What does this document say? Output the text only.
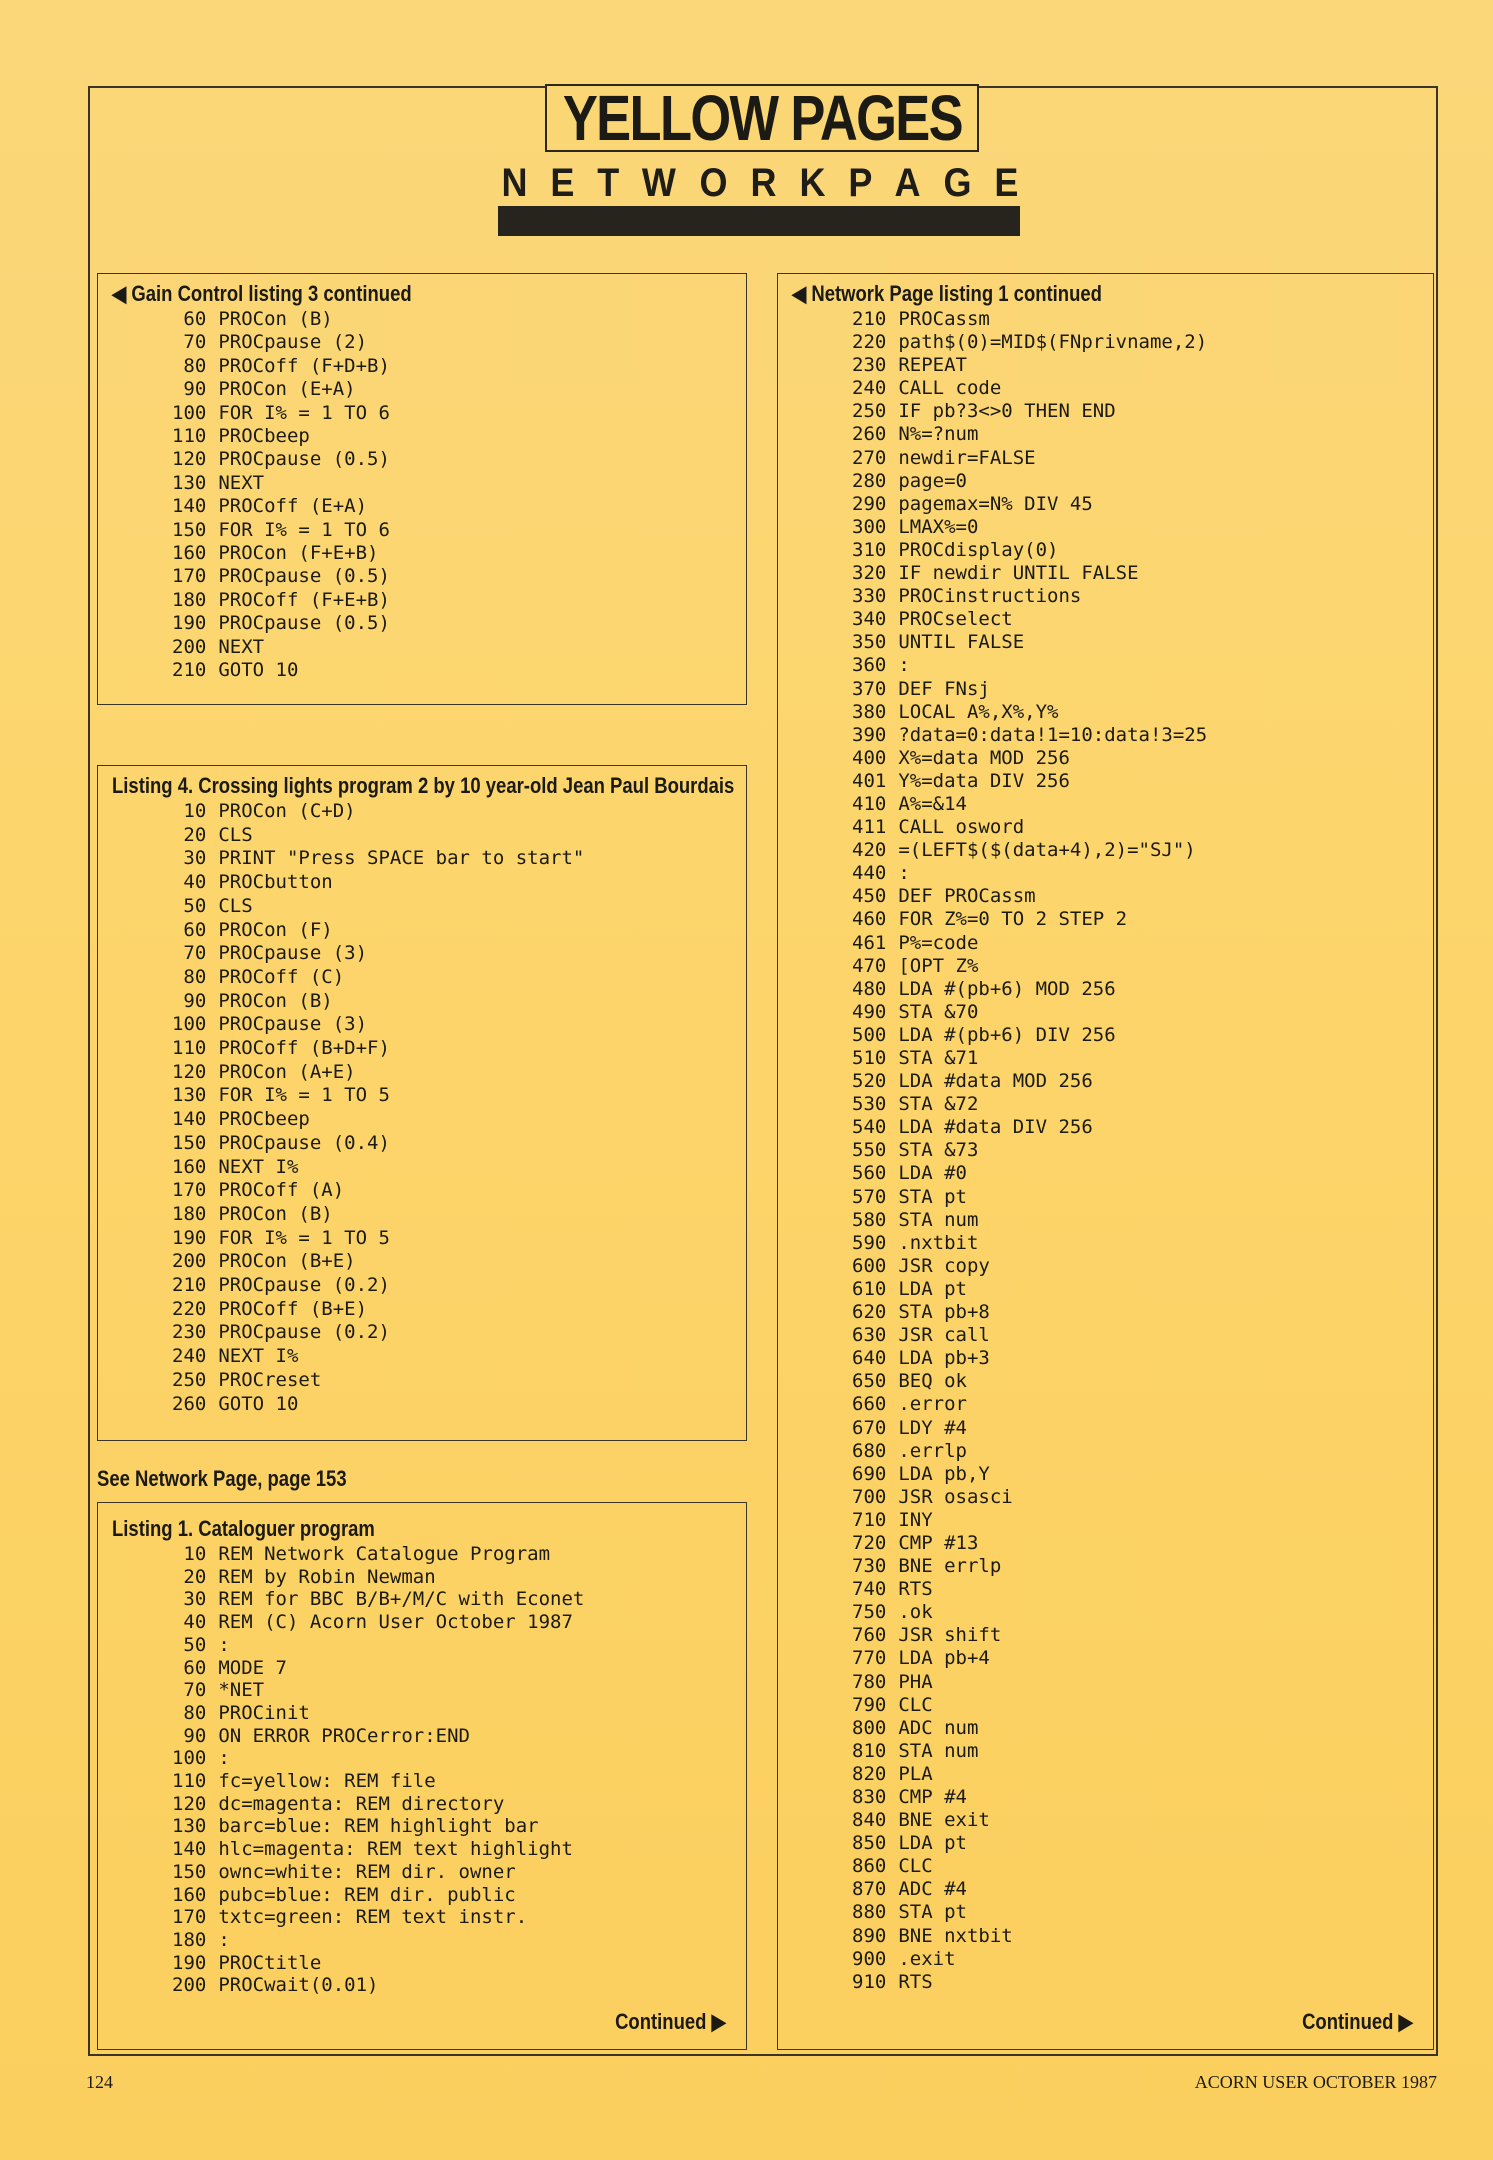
YELLOW PAGES
N E T W O R K P A G E
◀ Gain Control listing 3 continued
60 PROCon (B)
70 PROCpause (2)
80 PROCoff (F+D+B)
90 PROCon (E+A)
100 FOR I% = 1 TO 6
110 PROCbeep
120 PROCpause (0.5)
130 NEXT
140 PROCoff (E+A)
150 FOR I% = 1 TO 6
160 PROCon (F+E+B)
170 PROCpause (0.5)
180 PROCoff (F+E+B)
190 PROCpause (0.5)
200 NEXT
210 GOTO 10
Listing 4. Crossing lights program 2 by 10 year-old Jean Paul Bourdais
10 PROCon (C+D)
20 CLS
30 PRINT "Press SPACE bar to start"
40 PROCbutton
50 CLS
60 PROCon (F)
70 PROCpause (3)
80 PROCoff (C)
90 PROCon (B)
100 PROCpause (3)
110 PROCoff (B+D+F)
120 PROCon (A+E)
130 FOR I% = 1 TO 5
140 PROCbeep
150 PROCpause (0.4)
160 NEXT I%
170 PROCoff (A)
180 PROCon (B)
190 FOR I% = 1 TO 5
200 PROCon (B+E)
210 PROCpause (0.2)
220 PROCoff (B+E)
230 PROCpause (0.2)
240 NEXT I%
250 PROCreset
260 GOTO 10
See Network Page, page 153
Listing 1. Cataloguer program
10 REM Network Catalogue Program
20 REM by Robin Newman
30 REM for BBC B/B+/M/C with Econet
40 REM (C) Acorn User October 1987
50 :
60 MODE 7
70 *NET
80 PROCinit
90 ON ERROR PROCerror:END
100 :
110 fc=yellow: REM file
120 dc=magenta: REM directory
130 barc=blue: REM highlight bar
140 hlc=magenta: REM text highlight
150 ownc=white: REM dir. owner
160 pubc=blue: REM dir. public
170 txtc=green: REM text instr.
180 :
190 PROCtitle
200 PROCwait(0.01)
Continued ▶
◀ Network Page listing 1 continued
210 PROCassm
220 path$(0)=MID$(FNprivname,2)
230 REPEAT
240 CALL code
250 IF pb?3<>0 THEN END
260 N%=?num
270 newdir=FALSE
280 page=0
290 pagemax=N% DIV 45
300 LMAX%=0
310 PROCdisplay(0)
320 IF newdir UNTIL FALSE
330 PROCinstructions
340 PROCselect
350 UNTIL FALSE
360 :
370 DEF FNsj
380 LOCAL A%,X%,Y%
390 ?data=0:data!1=10:data!3=25
400 X%=data MOD 256
401 Y%=data DIV 256
410 A%=&14
411 CALL osword
420 =(LEFT$($(data+4),2)="SJ")
440 :
450 DEF PROCassm
460 FOR Z%=0 TO 2 STEP 2
461 P%=code
470 [OPT Z%
480 LDA #(pb+6) MOD 256
490 STA &70
500 LDA #(pb+6) DIV 256
510 STA &71
520 LDA #data MOD 256
530 STA &72
540 LDA #data DIV 256
550 STA &73
560 LDA #0
570 STA pt
580 STA num
590 .nxtbit
600 JSR copy
610 LDA pt
620 STA pb+8
630 JSR call
640 LDA pb+3
650 BEQ ok
660 .error
670 LDY #4
680 .errlp
690 LDA pb,Y
700 JSR osasci
710 INY
720 CMP #13
730 BNE errlp
740 RTS
750 .ok
760 JSR shift
770 LDA pb+4
780 PHA
790 CLC
800 ADC num
810 STA num
820 PLA
830 CMP #4
840 BNE exit
850 LDA pt
860 CLC
870 ADC #4
880 STA pt
890 BNE nxtbit
900 .exit
910 RTS
Continued ▶
124	ACORN USER OCTOBER 1987
